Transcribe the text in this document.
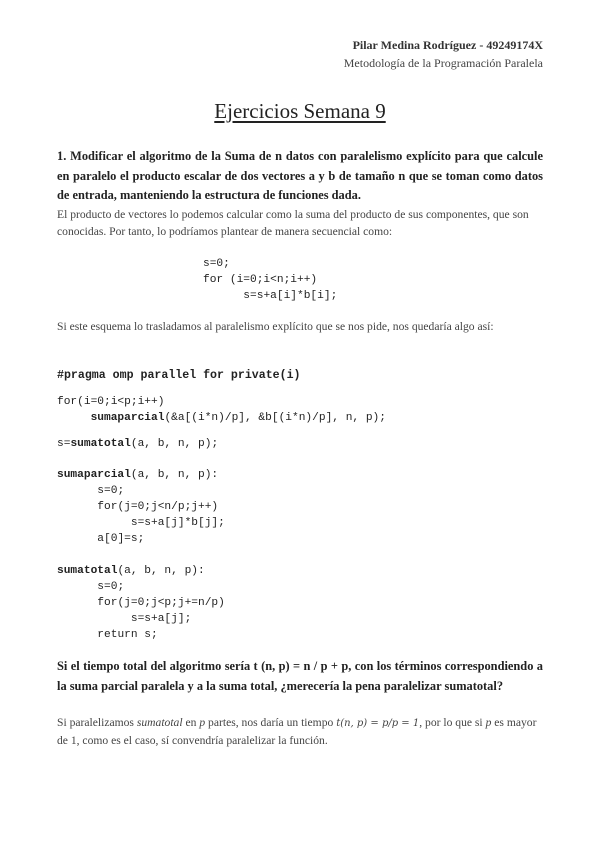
Pilar Medina Rodríguez - 49249174X
Metodología de la Programación Paralela
Ejercicios Semana 9
1. Modificar el algoritmo de la Suma de n datos con paralelismo explícito para que calcule en paralelo el producto escalar de dos vectores a y b de tamaño n que se toman como datos de entrada, manteniendo la estructura de funciones dada.
El producto de vectores lo podemos calcular como la suma del producto de sus componentes, que son conocidas. Por tanto, lo podríamos plantear de manera secuencial como:
s=0;
for (i=0;i<n;i++)
s=s+a[i]*b[i];
Si este esquema lo trasladamos al paralelismo explícito que se nos pide, nos quedaría algo así:
#pragma omp parallel for private(i)
for(i=0;i<p;i++)
sumaparcial(&a[(i*n)/p], &b[(i*n)/p], n, p);
s=sumatotal(a, b, n, p);
sumaparcial(a, b, n, p):
s=0;
for(j=0;j<n/p;j++)
s=s+a[j]*b[j];
a[0]=s;
sumatotal(a, b, n, p):
s=0;
for(j=0;j<p;j+=n/p)
s=s+a[j];
return s;
Si el tiempo total del algoritmo sería t (n, p) = n / p + p, con los términos correspondiendo a la suma parcial paralela y a la suma total, ¿merecería la pena paralelizar sumatotal?
Si paralelizamos sumatotal en p partes, nos daría un tiempo t(n, p) = p/p = 1, por lo que si p es mayor de 1, como es el caso, sí convendría paralelizar la función.
